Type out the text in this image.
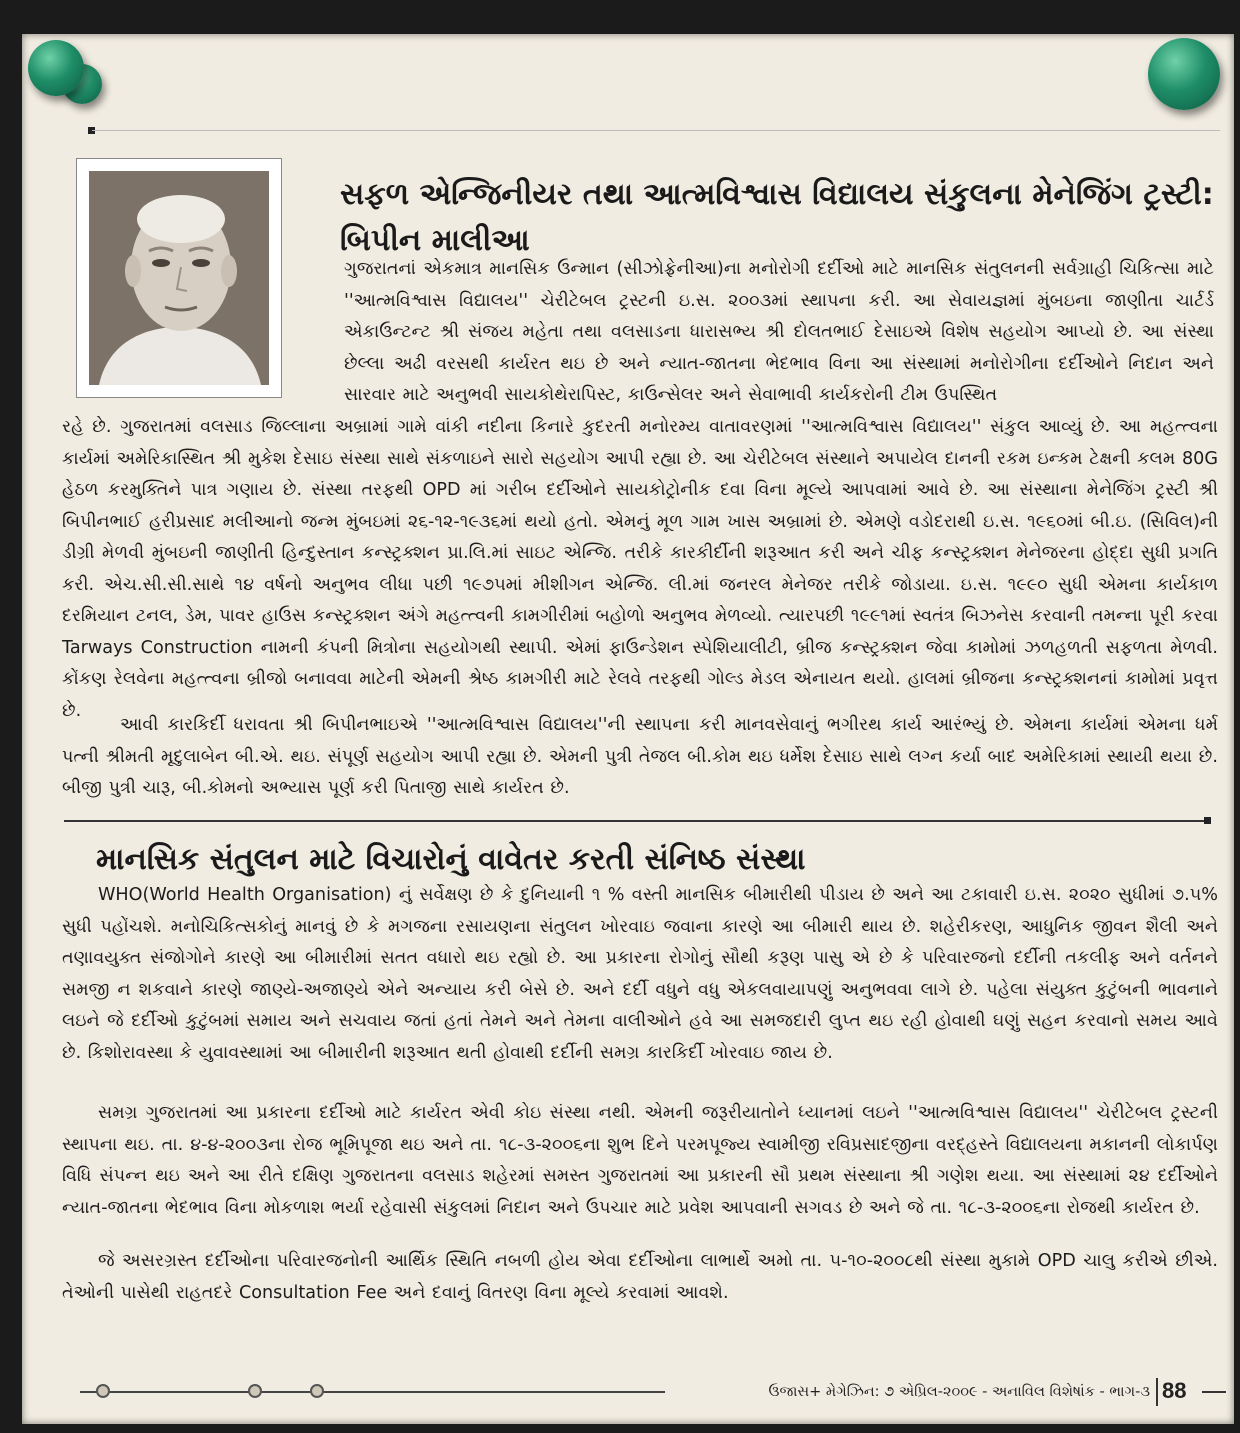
સફળ એન્જિનીયર તથા આત્મવિશ્વાસ વિદ્યાલય સંકુલના મેનેજિંગ ટ્રસ્ટી: બિપીન માલીઆ

ગુજરાતનાં એકમાત્ર માનસિક ઉન્માન (સીઝોફ્રેનીઆ)ના મનોરોગી દર્દીઓ માટે માનસિક સંતુલનની સર્વગ્રાહી ચિકિત્સા માટે ''આત્મવિશ્વાસ વિદ્યાલય'' ચેરીટેબલ ટ્રસ્ટની ઇ.સ. ૨૦૦૩માં સ્થાપના કરી. આ સેવાયજ્ઞમાં મુંબઇના જાણીતા ચાર્ટર્ડ એકાઉન્ટન્ટ શ્રી સંજય મહેતા તથા વલસાડના ધારાસભ્ય શ્રી દોલતભાઈ દેસાઇએ વિશેષ સહયોગ આપ્યો છે. આ સંસ્થા છેલ્લા અઢી વરસથી કાર્યરત થઇ છે અને ન્યાત-જાતના ભેદભાવ વિના આ સંસ્થામાં મનોરોગીના દર્દીઓને નિદાન અને સારવાર માટે અનુભવી સાયકોથેરાપિસ્ટ, કાઉન્સેલર અને સેવાભાવી કાર્યકરોની ટીમ ઉપસ્થિત

રહે છે. ગુજરાતમાં વલસાડ જિલ્લાના અબ્રામાં ગામે વાંકી નદીના કિનારે કુદરતી મનોરમ્ય વાતાવરણમાં ''આત્મવિશ્વાસ વિદ્યાલય'' સંકુલ આવ્યું છે. આ મહત્ત્વના કાર્યમાં અમેરિકાસ્થિત શ્રી મુકેશ દેસાઇ સંસ્થા સાથે સંકળાઇને સારો સહયોગ આપી રહ્યા છે. આ ચેરીટેબલ સંસ્થાને અપાયેલ દાનની રકમ ઇન્કમ ટેક્ષની કલમ 80G હેઠળ કરમુક્તિને પાત્ર ગણાય છે. સંસ્થા તરફથી OPD માં ગરીબ દર્દીઓને સાયકોટ્રોનીક દવા વિના મૂલ્યે આપવામાં આવે છે. આ સંસ્થાના મેનેજિંગ ટ્રસ્ટી શ્રી બિપીનભાઈ હરીપ્રસાદ મલીઆનો જન્મ મુંબઇમાં ૨૬-૧૨-૧૯૩૬માં થયો હતો. એમનું મૂળ ગામ ખાસ અબ્રામાં છે. એમણે વડોદરાથી ઇ.સ. ૧૯૬૦માં બી.ઇ. (સિવિલ)ની ડીગ્રી મેળવી મુંબઇની જાણીતી હિન્દુસ્તાન કન્સ્ટ્રક્શન પ્રા.લિ.માં સાઇટ એન્જિ. તરીકે કારકીર્દીની શરૂઆત કરી અને ચીફ કન્સ્ટ્રક્શન મેનેજરના હોદ્દા સુધી પ્રગતિ કરી. એચ.સી.સી.સાથે ૧૪ વર્ષનો અનુભવ લીધા પછી ૧૯૭૫માં મીશીગન એન્જિ. લી.માં જનરલ મેનેજર તરીકે જોડાયા. ઇ.સ. ૧૯૯૦ સુધી એમના કાર્યકાળ દરમિયાન ટનલ, ડેમ, પાવર હાઉસ કન્સ્ટ્રક્શન અંગે મહત્ત્વની કામગીરીમાં બહોળો અનુભવ મેળવ્યો. ત્યારપછી ૧૯૯૧માં સ્વતંત્ર બિઝનેસ કરવાની તમન્ના પૂરી કરવા Tarways Construction નામની કંપની મિત્રોના સહયોગથી સ્થાપી. એમાં ફાઉન્ડેશન સ્પેશિયાલીટી, બ્રીજ કન્સ્ટ્રક્શન જેવા કામોમાં ઝળહળતી સફળતા મેળવી. કોંકણ રેલવેના મહત્ત્વના બ્રીજો બનાવવા માટેની એમની શ્રેષ્ઠ કામગીરી માટે રેલવે તરફથી ગોલ્ડ મેડલ એનાયત થયો. હાલમાં બ્રીજના કન્સ્ટ્રક્શનનાં કામોમાં પ્રવૃત્ત છે.

આવી કારકિર્દી ધરાવતા શ્રી બિપીનભાઇએ ''આત્મવિશ્વાસ વિદ્યાલય''ની સ્થાપના કરી માનવસેવાનું ભગીરથ કાર્ય આરંભ્યું છે. એમના કાર્યમાં એમના ધર્મ પત્ની શ્રીમતી મૃદુલાબેન બી.એ. થઇ. સંપૂર્ણ સહયોગ આપી રહ્યા છે. એમની પુત્રી તેજલ બી.કોમ થઇ ધર્મેશ દેસાઇ સાથે લગ્ન કર્યા બાદ અમેરિકામાં સ્થાયી થયા છે. બીજી પુત્રી ચારૂ, બી.કોમનો અભ્યાસ પૂર્ણ કરી પિતાજી સાથે કાર્યરત છે.

માનસિક સંતુલન માટે વિચારોનું વાવેતર કરતી સંનિષ્ઠ સંસ્થા

WHO(World Health Organisation) નું સર્વેક્ષણ છે કે દુનિયાની ૧ % વસ્તી માનસિક બીમારીથી પીડાય છે અને આ ટકાવારી ઇ.સ. ૨૦૨૦ સુધીમાં ૭.૫% સુધી પહોંચશે. મનોચિકિત્સકોનું માનવું છે કે મગજના રસાયણના સંતુલન ખોરવાઇ જવાના કારણે આ બીમારી થાય છે. શહેરીકરણ, આધુનિક જીવન શૈલી અને તણાવયુક્ત સંજોગોને કારણે આ બીમારીમાં સતત વધારો થઇ રહ્યો છે. આ પ્રકારના રોગોનું સૌથી કરૂણ પાસુ એ છે કે પરિવારજનો દર્દીની તકલીફ અને વર્તનને સમજી ન શકવાને કારણે જાણ્યે-અજાણ્યે એને અન્યાય કરી બેસે છે. અને દર્દી વધુને વધુ એકલવાયાપણું અનુભવવા લાગે છે. પહેલા સંયુક્ત કુટુંબની ભાવનાને લઇને જે દર્દીઓ કુટુંબમાં સમાય અને સચવાય જતાં હતાં તેમને અને તેમના વાલીઓને હવે આ સમજદારી લુપ્ત થઇ રહી હોવાથી ઘણું સહન કરવાનો સમય આવે છે. કિશોરાવસ્થા કે યુવાવસ્થામાં આ બીમારીની શરૂઆત થતી હોવાથી દર્દીની સમગ્ર કારકિર્દી ખોરવાઇ જાય છે.

સમગ્ર ગુજરાતમાં આ પ્રકારના દર્દીઓ માટે કાર્યરત એવી કોઇ સંસ્થા નથી. એમની જરૂરીયાતોને ધ્યાનમાં લઇને ''આત્મવિશ્વાસ વિદ્યાલય'' ચેરીટેબલ ટ્રસ્ટની સ્થાપના થઇ. તા. ૪-૪-૨૦૦૩ના રોજ ભૂમિપૂજા થઇ અને તા. ૧૮-૩-૨૦૦૬ના શુભ દિને પરમપૂજ્ય સ્વામીજી રવિપ્રસાદજીના વરદ્હસ્તે વિદ્યાલયના મકાનની લોકાર્પણ વિધિ સંપન્ન થઇ અને આ રીતે દક્ષિણ ગુજરાતના વલસાડ શહેરમાં સમસ્ત ગુજરાતમાં આ પ્રકારની સૌ પ્રથમ સંસ્થાના શ્રી ગણેશ થયા. આ સંસ્થામાં ૨૪ દર્દીઓને ન્યાત-જાતના ભેદભાવ વિના મોકળાશ ભર્યા રહેવાસી સંકુલમાં નિદાન અને ઉપચાર માટે પ્રવેશ આપવાની સગવડ છે અને જે તા. ૧૮-૩-૨૦૦૬ના રોજથી કાર્યરત છે.

જે અસરગ્રસ્ત દર્દીઓના પરિવારજનોની આર્થિક સ્થિતિ નબળી હોય એવા દર્દીઓના લાભાર્થે અમો તા. ૫-૧૦-૨૦૦૮થી સંસ્થા મુકામે OPD ચાલુ કરીએ છીએ. તેઓની પાસેથી રાહતદરે Consultation Fee અને દવાનું વિતરણ વિના મૂલ્યે કરવામાં આવશે.

ઉજાસ+ મેગેઝિન: ૭ એપ્રિલ-૨૦૦૯ - અનાવિલ વિશેષાંક - ભાગ-૩ 88
